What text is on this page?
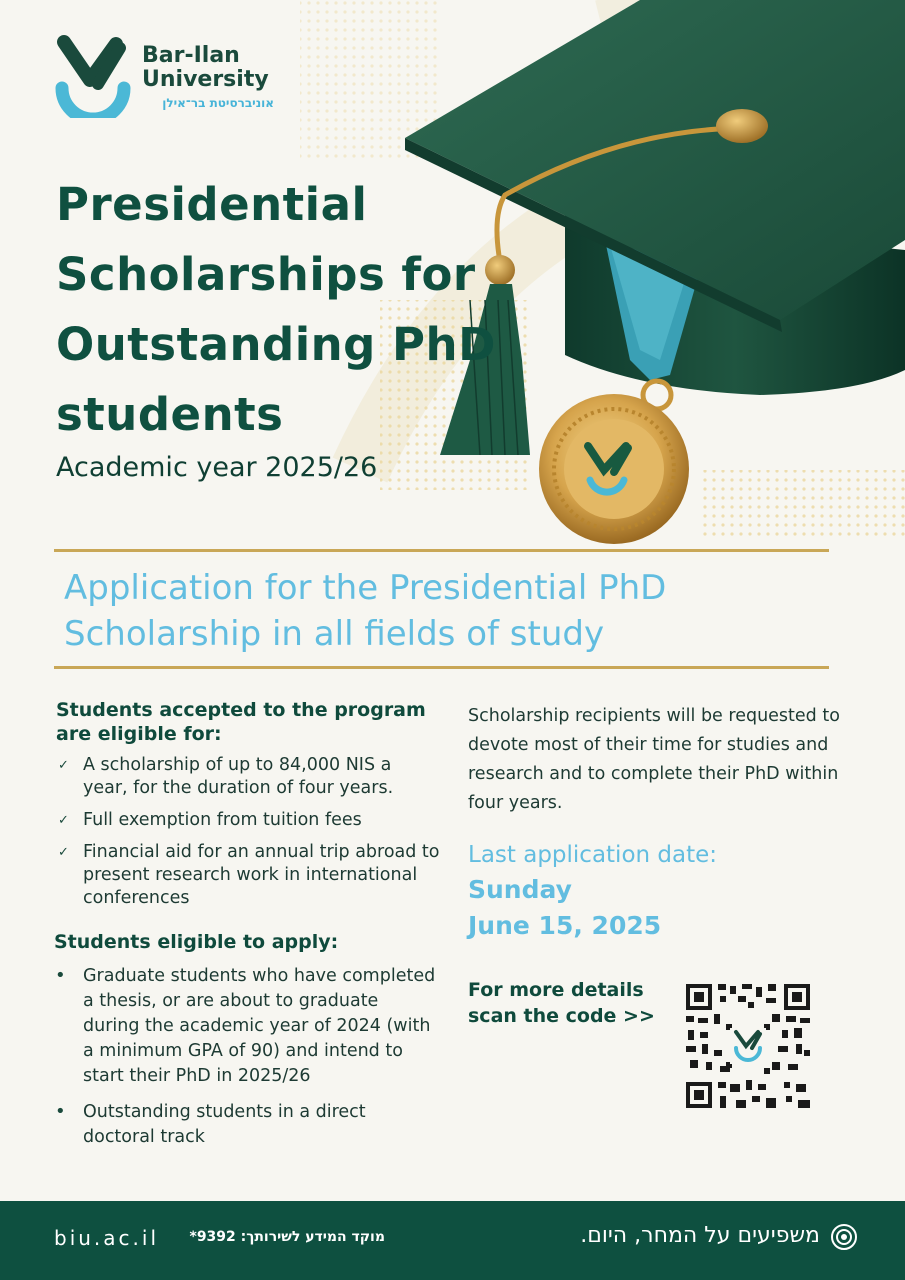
Bar-Ilan
University
אוניברסיטת בר־אילן
Presidential Scholarships for Outstanding PhD students
Academic year 2025/26
Application for the Presidential PhD Scholarship in all fields of study
Students accepted to the program are eligible for:
✓ A scholarship of up to 84,000 NIS a year, for the duration of four years.
✓ Full exemption from tuition fees
✓ Financial aid for an annual trip abroad to present research work in international conferences
Students eligible to apply:
• Graduate students who have completed a thesis, or are about to graduate during the academic year of 2024 (with a minimum GPA of 90) and intend to start their PhD in 2025/26
• Outstanding students in a direct doctoral track
Scholarship recipients will be requested to devote most of their time for studies and research and to complete their PhD within four years.
Last application date:
Sunday
June 15, 2025
For more details
scan the code >>
biu.ac.il	מוקד המידע לשירותך: 9392*	משפיעים על המחר, היום.
